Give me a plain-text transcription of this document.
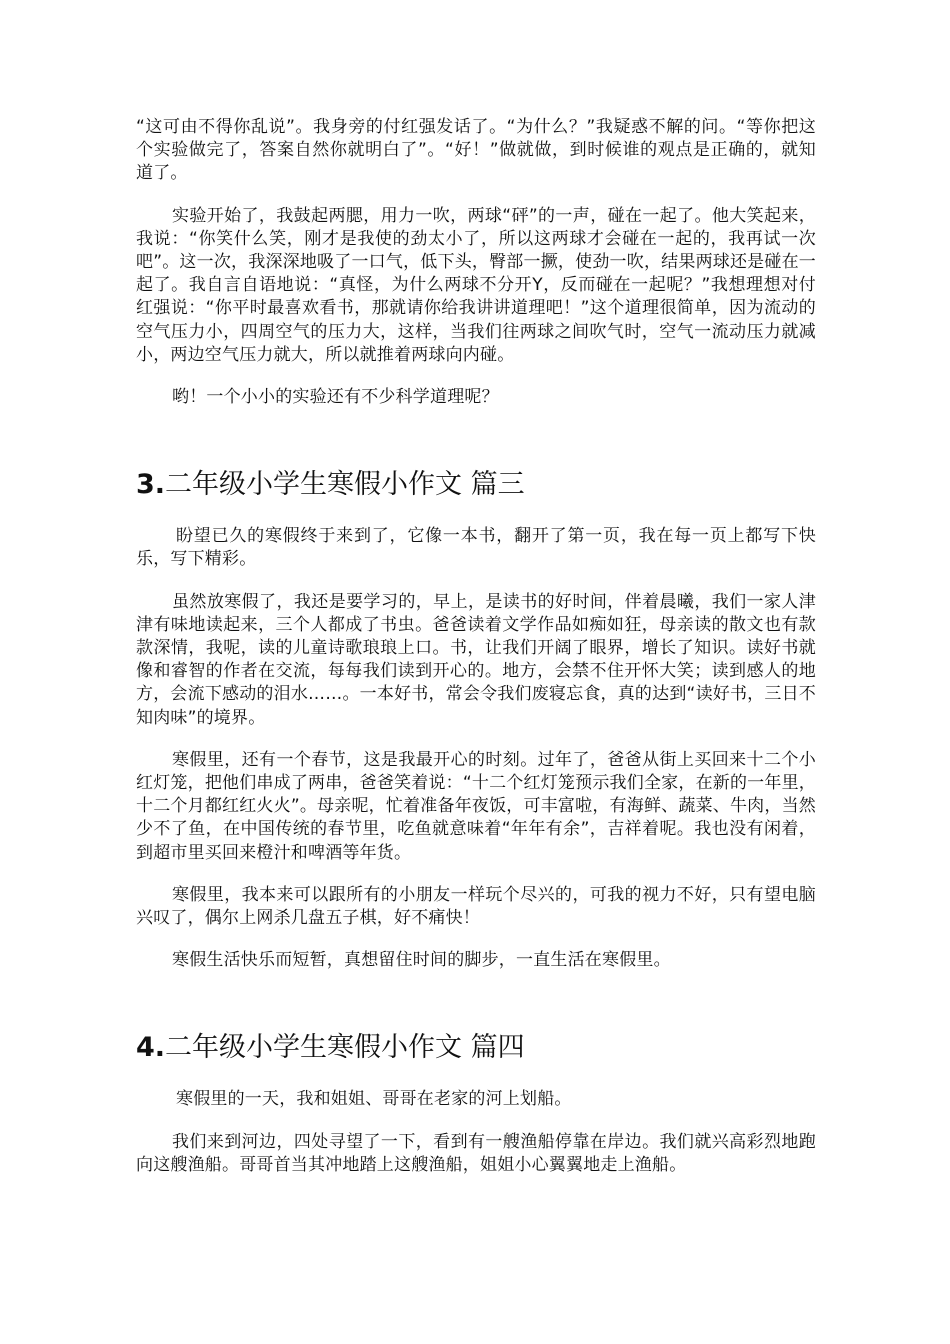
“这可由不得你乱说”。我身旁的付红强发话了。“为什么？”我疑惑不解的问。“等你把这个实验做完了，答案自然你就明白了”。“好！”做就做，到时候谁的观点是正确的，就知道了。

实验开始了，我鼓起两腮，用力一吹，两球“砰”的一声，碰在一起了。他大笑起来，我说：“你笑什么笑，刚才是我使的劲太小了，所以这两球才会碰在一起的，我再试一次吧”。这一次，我深深地吸了一口气，低下头，臀部一撅，使劲一吹，结果两球还是碰在一起了。我自言自语地说：“真怪，为什么两球不分开Y，反而碰在一起呢？”我想理想对付红强说：“你平时最喜欢看书，那就请你给我讲讲道理吧！”这个道理很简单，因为流动的空气压力小，四周空气的压力大，这样，当我们往两球之间吹气时，空气一流动压力就减小，两边空气压力就大，所以就推着两球向内碰。

哟！一个小小的实验还有不少科学道理呢？

3.二年级小学生寒假小作文 篇三

盼望已久的寒假终于来到了，它像一本书，翻开了第一页，我在每一页上都写下快乐，写下精彩。

虽然放寒假了，我还是要学习的，早上，是读书的好时间，伴着晨曦，我们一家人津津有味地读起来，三个人都成了书虫。爸爸读着文学作品如痴如狂，母亲读的散文也有款款深情，我呢，读的儿童诗歌琅琅上口。书，让我们开阔了眼界，增长了知识。读好书就像和睿智的作者在交流，每每我们读到开心的。地方，会禁不住开怀大笑；读到感人的地方，会流下感动的泪水……。一本好书，常会令我们废寝忘食，真的达到“读好书，三日不知肉味”的境界。

寒假里，还有一个春节，这是我最开心的时刻。过年了，爸爸从街上买回来十二个小红灯笼，把他们串成了两串，爸爸笑着说：“十二个红灯笼预示我们全家，在新的一年里，十二个月都红红火火”。母亲呢，忙着准备年夜饭，可丰富啦，有海鲜、蔬菜、牛肉，当然少不了鱼，在中国传统的春节里，吃鱼就意味着“年年有余”，吉祥着呢。我也没有闲着，到超市里买回来橙汁和啤酒等年货。

寒假里，我本来可以跟所有的小朋友一样玩个尽兴的，可我的视力不好，只有望电脑兴叹了，偶尔上网杀几盘五子棋，好不痛快！

寒假生活快乐而短暂，真想留住时间的脚步，一直生活在寒假里。

4.二年级小学生寒假小作文 篇四

寒假里的一天，我和姐姐、哥哥在老家的河上划船。

我们来到河边，四处寻望了一下，看到有一艘渔船停靠在岸边。我们就兴高彩烈地跑向这艘渔船。哥哥首当其冲地踏上这艘渔船，姐姐小心翼翼地走上渔船。
